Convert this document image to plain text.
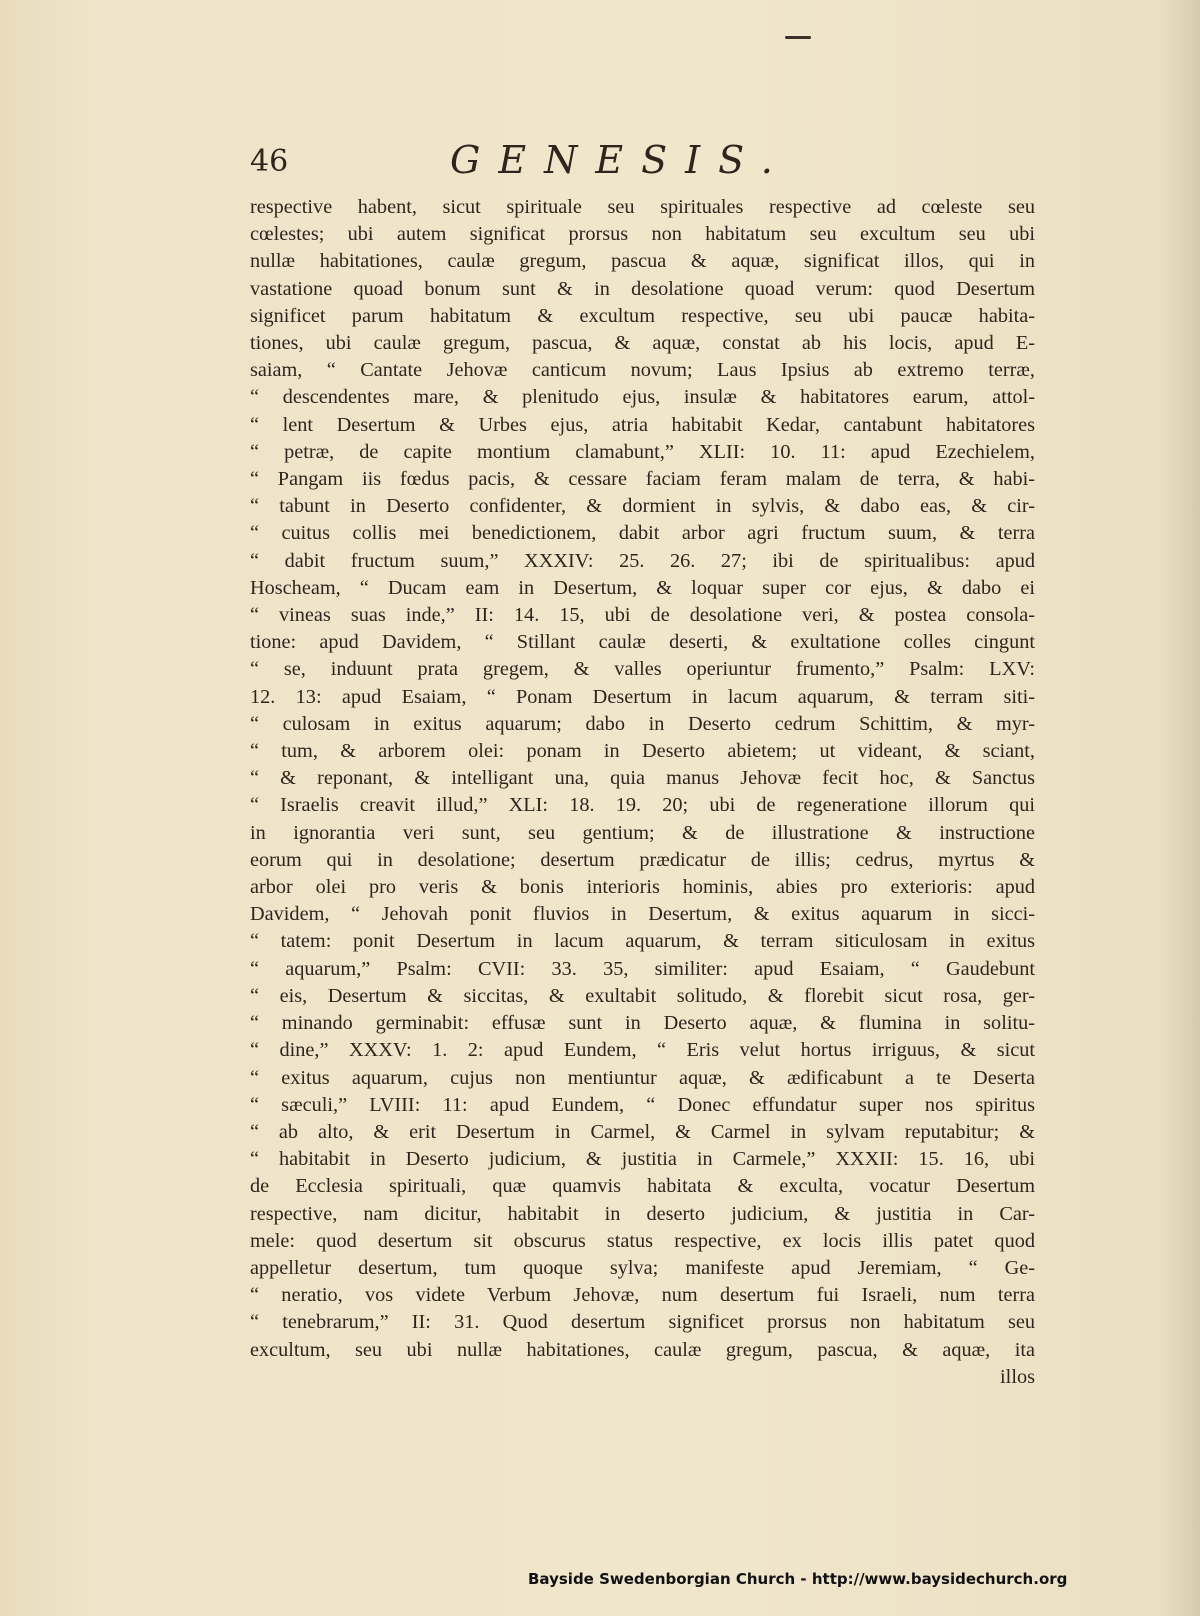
46	GENESIS.
respective habent, sicut spirituale seu spirituales respective ad cœleste seu
cœlestes; ubi autem significat prorsus non habitatum seu excultum seu ubi
nullæ habitationes, caulæ gregum, pascua & aquæ, significat illos, qui in
vastatione quoad bonum sunt & in desolatione quoad verum: quod Desertum
significet parum habitatum & excultum respective, seu ubi paucæ habita-
tiones, ubi caulæ gregum, pascua, & aquæ, constat ab his locis, apud E-
saiam, “ Cantate Jehovæ canticum novum; Laus Ipsius ab extremo terræ,
“ descendentes mare, & plenitudo ejus, insulæ & habitatores earum, attol-
“ lent Desertum & Urbes ejus, atria habitabit Kedar, cantabunt habitatores
“ petræ, de capite montium clamabunt,” XLII: 10. 11: apud Ezechielem,
“ Pangam iis fœdus pacis, & cessare faciam feram malam de terra, & habi-
“ tabunt in Deserto confidenter, & dormient in sylvis, & dabo eas, & cir-
“ cuitus collis mei benedictionem, dabit arbor agri fructum suum, & terra
“ dabit fructum suum,” XXXIV: 25. 26. 27; ibi de spiritualibus: apud
Hoscheam, “ Ducam eam in Desertum, & loquar super cor ejus, & dabo ei
“ vineas suas inde,” II: 14. 15, ubi de desolatione veri, & postea consola-
tione: apud Davidem, “ Stillant caulæ deserti, & exultatione colles cingunt
“ se, induunt prata gregem, & valles operiuntur frumento,” Psalm: LXV:
12. 13: apud Esaiam, “ Ponam Desertum in lacum aquarum, & terram siti-
“ culosam in exitus aquarum; dabo in Deserto cedrum Schittim, & myr-
“ tum, & arborem olei: ponam in Deserto abietem; ut videant, & sciant,
“ & reponant, & intelligant una, quia manus Jehovæ fecit hoc, & Sanctus
“ Israelis creavit illud,” XLI: 18. 19. 20; ubi de regeneratione illorum qui
in ignorantia veri sunt, seu gentium; & de illustratione & instructione
eorum qui in desolatione; desertum prædicatur de illis; cedrus, myrtus &
arbor olei pro veris & bonis interioris hominis, abies pro exterioris: apud
Davidem, “ Jehovah ponit fluvios in Desertum, & exitus aquarum in sicci-
“ tatem: ponit Desertum in lacum aquarum, & terram siticulosam in exitus
“ aquarum,” Psalm: CVII: 33. 35, similiter: apud Esaiam, “ Gaudebunt
“ eis, Desertum & siccitas, & exultabit solitudo, & florebit sicut rosa, ger-
“ minando germinabit: effusæ sunt in Deserto aquæ, & flumina in solitu-
“ dine,” XXXV: 1. 2: apud Eundem, “ Eris velut hortus irriguus, & sicut
“ exitus aquarum, cujus non mentiuntur aquæ, & ædificabunt a te Deserta
“ sæculi,” LVIII: 11: apud Eundem, “ Donec effundatur super nos spiritus
“ ab alto, & erit Desertum in Carmel, & Carmel in sylvam reputabitur; &
“ habitabit in Deserto judicium, & justitia in Carmele,” XXXII: 15. 16, ubi
de Ecclesia spirituali, quæ quamvis habitata & exculta, vocatur Desertum
respective, nam dicitur, habitabit in deserto judicium, & justitia in Car-
mele: quod desertum sit obscurus status respective, ex locis illis patet quod
appelletur desertum, tum quoque sylva; manifeste apud Jeremiam, “ Ge-
“ neratio, vos videte Verbum Jehovæ, num desertum fui Israeli, num terra
“ tenebrarum,” II: 31. Quod desertum significet prorsus non habitatum seu
excultum, seu ubi nullæ habitationes, caulæ gregum, pascua, & aquæ, ita
illos
Bayside Swedenborgian Church - http://www.baysidechurch.org
